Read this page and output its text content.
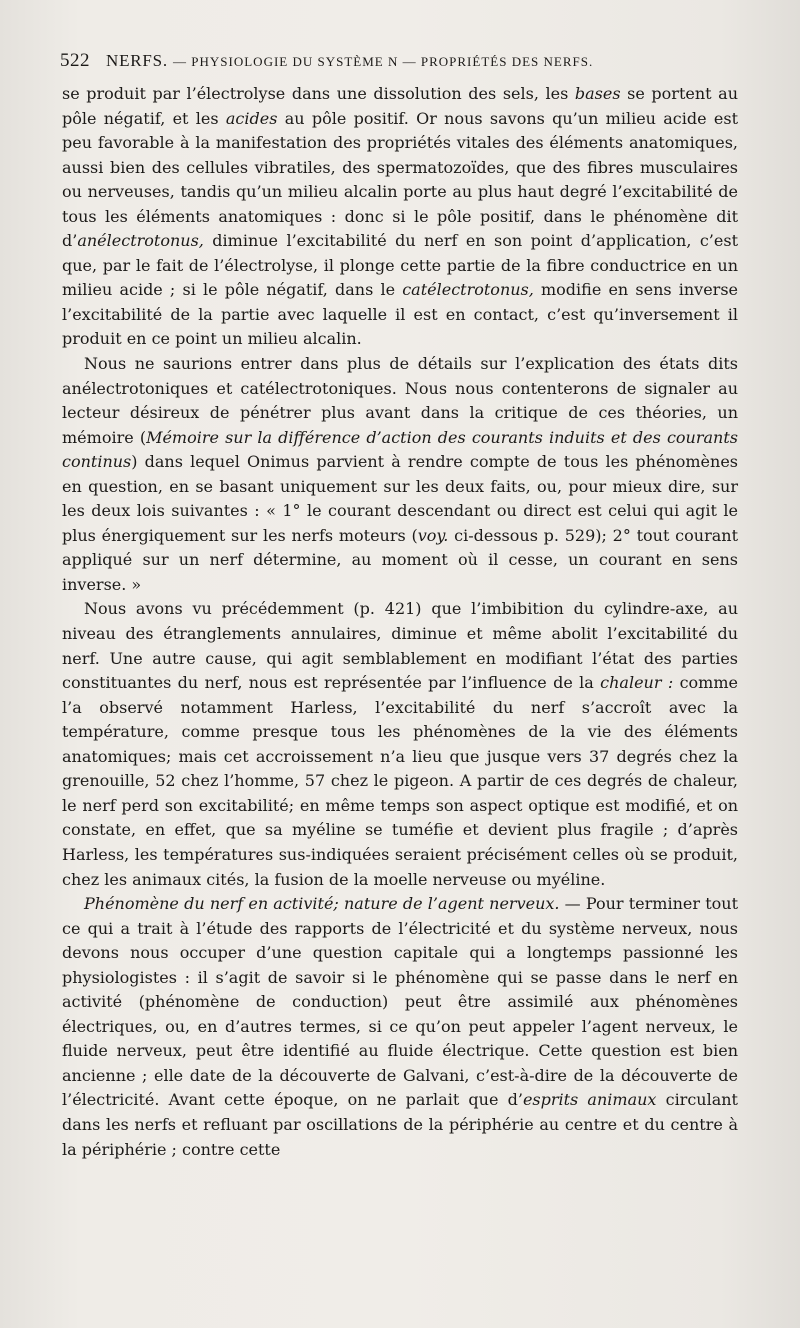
522 NERFS. — PHYSIOLOGIE DU SYSTÈME N — PROPRIÉTÉS DES NERFS.

se produit par l’électrolyse dans une dissolution des sels, les bases se portent au pôle négatif, et les acides au pôle positif. Or nous savons qu’un milieu acide est peu favorable à la manifestation des propriétés vitales des éléments anatomiques, aussi bien des cellules vibratiles, des spermatozoïdes, que des fibres musculaires ou nerveuses, tandis qu’un milieu alcalin porte au plus haut degré l’excitabilité de tous les éléments anatomiques : donc si le pôle positif, dans le phénomène dit d’anélectrotonus, diminue l’excitabilité du nerf en son point d’application, c’est que, par le fait de l’électrolyse, il plonge cette partie de la fibre conductrice en un milieu acide ; si le pôle négatif, dans le catélectrotonus, modifie en sens inverse l’excitabilité de la partie avec laquelle il est en contact, c’est qu’inversement il produit en ce point un milieu alcalin.

Nous ne saurions entrer dans plus de détails sur l’explication des états dits anélectrotoniques et catélectrotoniques. Nous nous contenterons de signaler au lecteur désireux de pénétrer plus avant dans la critique de ces théories, un mémoire (Mémoire sur la différence d’action des courants induits et des courants continus) dans lequel Onimus parvient à rendre compte de tous les phénomènes en question, en se basant uniquement sur les deux faits, ou, pour mieux dire, sur les deux lois suivantes : « 1° le courant descendant ou direct est celui qui agit le plus énergiquement sur les nerfs moteurs (voy. ci-dessous p. 529); 2° tout courant appliqué sur un nerf détermine, au moment où il cesse, un courant en sens inverse. »

Nous avons vu précédemment (p. 421) que l’imbibition du cylindre-axe, au niveau des étranglements annulaires, diminue et même abolit l’excitabilité du nerf. Une autre cause, qui agit semblablement en modifiant l’état des parties constituantes du nerf, nous est représentée par l’influence de la chaleur : comme l’a observé notamment Harless, l’excitabilité du nerf s’accroît avec la température, comme presque tous les phénomènes de la vie des éléments anatomiques; mais cet accroissement n’a lieu que jusque vers 37 degrés chez la grenouille, 52 chez l’homme, 57 chez le pigeon. A partir de ces degrés de chaleur, le nerf perd son excitabilité; en même temps son aspect optique est modifié, et on constate, en effet, que sa myéline se tuméfie et devient plus fragile ; d’après Harless, les températures sus-indiquées seraient précisément celles où se produit, chez les animaux cités, la fusion de la moelle nerveuse ou myéline.

Phénomène du nerf en activité; nature de l’agent nerveux. — Pour terminer tout ce qui a trait à l’étude des rapports de l’électricité et du système nerveux, nous devons nous occuper d’une question capitale qui a longtemps passionné les physiologistes : il s’agit de savoir si le phénomène qui se passe dans le nerf en activité (phénomène de conduction) peut être assimilé aux phénomènes électriques, ou, en d’autres termes, si ce qu’on peut appeler l’agent nerveux, le fluide nerveux, peut être identifié au fluide électrique. Cette question est bien ancienne ; elle date de la découverte de Galvani, c’est-à-dire de la découverte de l’électricité. Avant cette époque, on ne parlait que d’esprits animaux circulant dans les nerfs et refluant par oscillations de la périphérie au centre et du centre à la périphérie ; contre cette
